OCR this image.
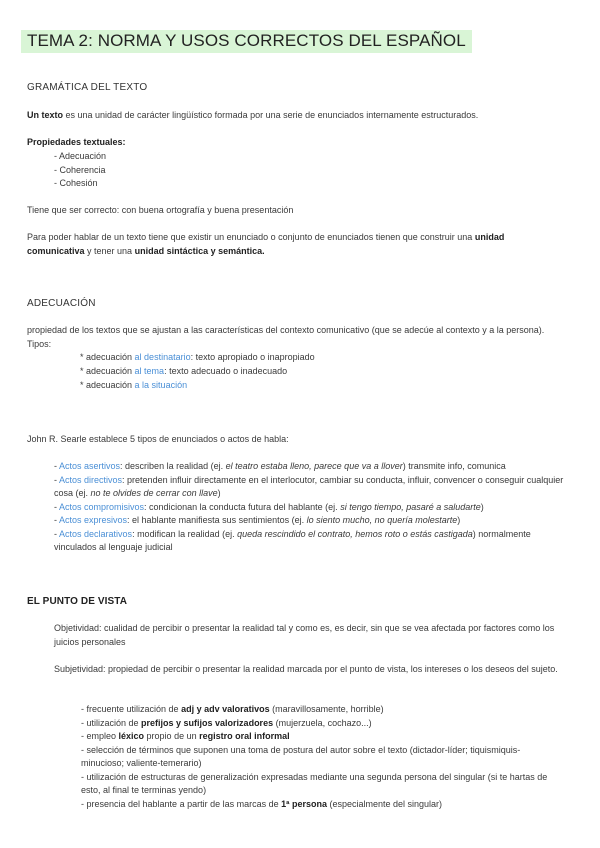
TEMA 2: NORMA Y USOS CORRECTOS DEL ESPAÑOL
GRAMÁTICA DEL TEXTO
Un texto es una unidad de carácter lingüístico formada por una serie de enunciados internamente estructurados.
Propiedades textuales:
- Adecuación
- Coherencia
- Cohesión
Tiene que ser correcto: con buena ortografía y buena presentación
Para poder hablar de un texto tiene que existir un enunciado o conjunto de enunciados tienen que construir una unidad comunicativa y tener una unidad sintáctica y semántica.
ADECUACIÓN
propiedad de los textos que se ajustan a las características del contexto comunicativo (que se adecúe al contexto y a la persona). Tipos:
* adecuación al destinatario: texto apropiado o inapropiado
* adecuación al tema: texto adecuado o inadecuado
* adecuación a la situación
John R. Searle establece 5 tipos de enunciados o actos de habla:
- Actos asertivos: describen la realidad (ej. el teatro estaba lleno, parece que va a llover) transmite info, comunica
- Actos directivos: pretenden influir directamente en el interlocutor, cambiar su conducta, influir, convencer o conseguir cualquier cosa (ej. no te olvides de cerrar con llave)
- Actos compromisivos: condicionan la conducta futura del hablante (ej. si tengo tiempo, pasaré a saludarte)
- Actos expresivos: el hablante manifiesta sus sentimientos (ej. lo siento mucho, no quería molestarte)
- Actos declarativos: modifican la realidad (ej. queda rescindido el contrato, hemos roto o estás castigada) normalmente vinculados al lenguaje judicial
EL PUNTO DE VISTA
Objetividad: cualidad de percibir o presentar la realidad tal y como es, es decir, sin que se vea afectada por factores como los juicios personales
Subjetividad: propiedad de percibir o presentar la realidad marcada por el punto de vista, los intereses o los deseos del sujeto.
- frecuente utilización de adj y adv valorativos (maravillosamente, horrible)
- utilización de prefijos y sufijos valorizadores (mujerzuela, cochazo...)
- empleo léxico propio de un registro oral informal
- selección de términos que suponen una toma de postura del autor sobre el texto (dictador-líder; tiquismiquis-minucioso; valiente-temerario)
- utilización de estructuras de generalización expresadas mediante una segunda persona del singular (si te hartas de esto, al final te terminas yendo)
- presencia del hablante a partir de las marcas de 1ª persona (especialmente del singular)
